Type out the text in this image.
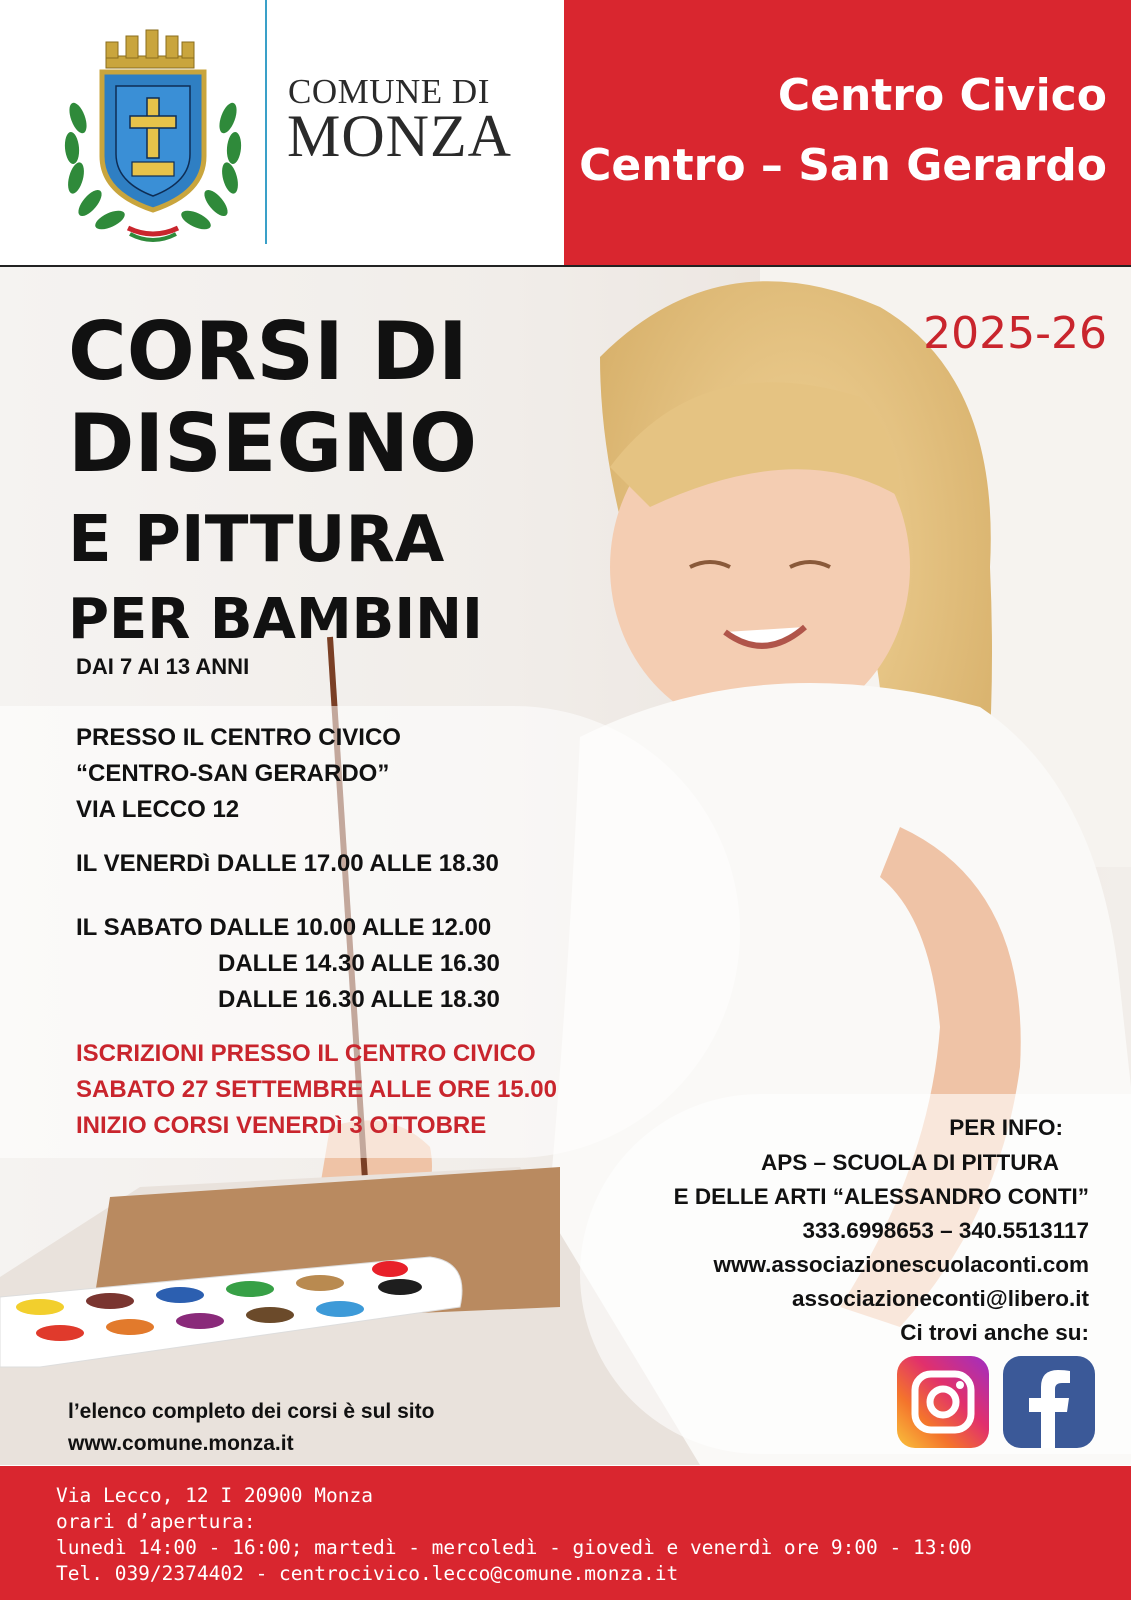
COMUNE DI
MONZA
Centro Civico
Centro – San Gerardo
2025-26
CORSI DI
DISEGNO
E PITTURA
PER BAMBINI
DAI 7 AI 13 ANNI
PRESSO IL CENTRO CIVICO
“CENTRO-SAN GERARDO”
VIA LECCO 12
IL VENERDì DALLE 17.00 ALLE 18.30
IL SABATO DALLE 10.00 ALLE 12.00
DALLE 14.30 ALLE 16.30
DALLE 16.30 ALLE 18.30
ISCRIZIONI PRESSO IL CENTRO CIVICO
SABATO 27 SETTEMBRE ALLE ORE 15.00
INIZIO CORSI VENERDì 3 OTTOBRE	PER INFO:
APS – SCUOLA DI PITTURA
E DELLE ARTI “ALESSANDRO CONTI”
333.6998653 – 340.5513117
www.associazionescuolaconti.com
associazioneconti@libero.it
Ci trovi anche su:
l’elenco completo dei corsi è sul sito
www.comune.monza.it
Via Lecco, 12 I 20900 Monza
orari d’apertura:
lunedì 14:00 - 16:00; martedì - mercoledì - giovedì e venerdì ore 9:00 - 13:00
Tel. 039/2374402 - centrocivico.lecco@comune.monza.it
